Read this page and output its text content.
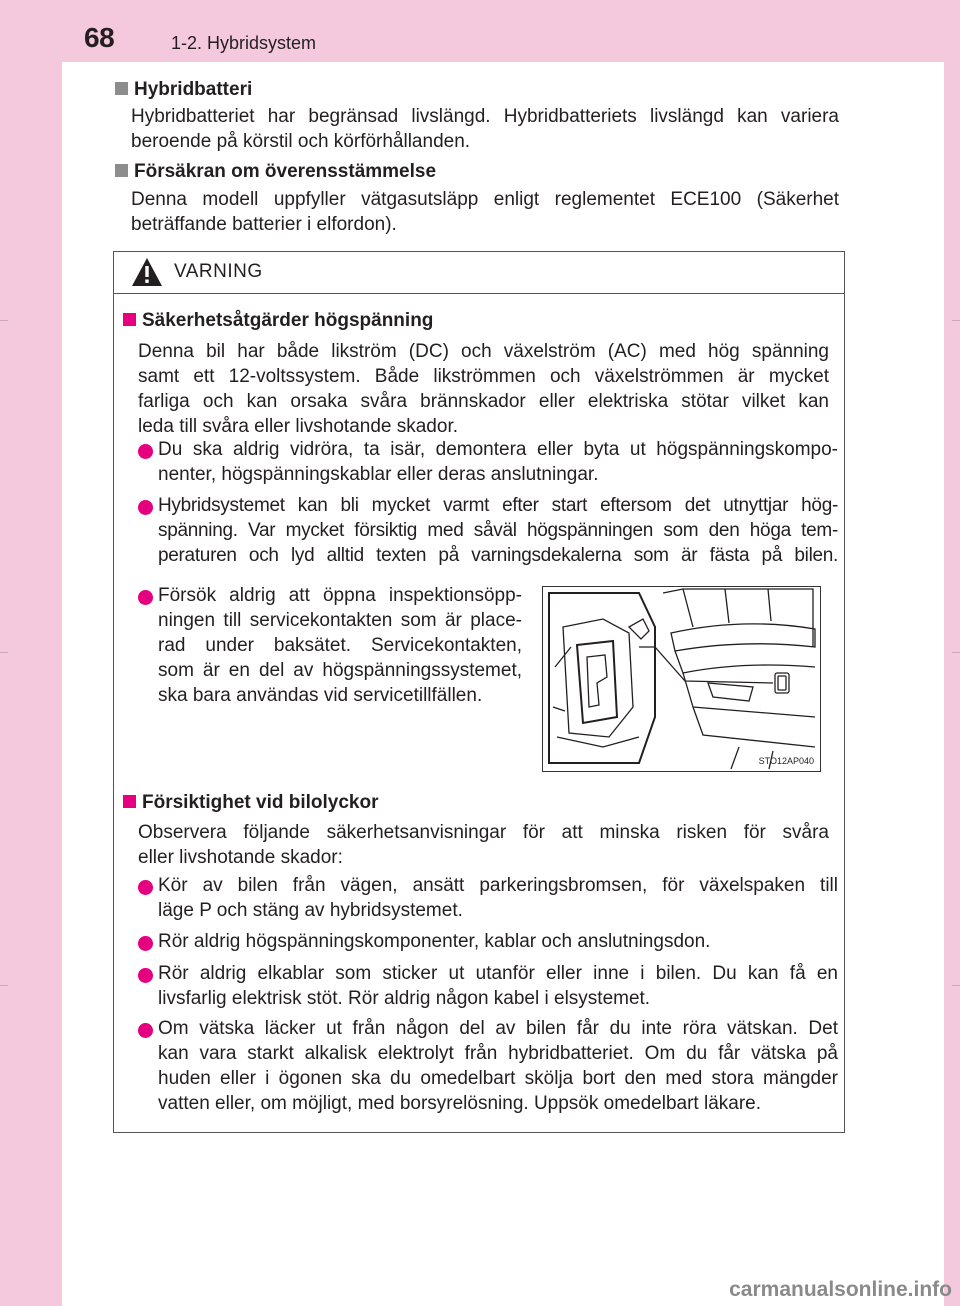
68	1-2. Hybridsystem
Hybridbatteri
Hybridbatteriet har begränsad livslängd. Hybridbatteriets livslängd kan variera
beroende på körstil och körförhållanden.
Försäkran om överensstämmelse
Denna modell uppfyller vätgasutsläpp enligt reglementet ECE100 (Säkerhet
beträffande batterier i elfordon).
VARNING
Säkerhetsåtgärder högspänning
Denna bil har både likström (DC) och växelström (AC) med hög spänning
samt ett 12-voltssystem. Både likströmmen och växelströmmen är mycket
farliga och kan orsaka svåra brännskador eller elektriska stötar vilket kan
leda till svåra eller livshotande skador.
Du ska aldrig vidröra, ta isär, demontera eller byta ut högspänningskompo-
nenter, högspänningskablar eller deras anslutningar.
Hybridsystemet kan bli mycket varmt efter start eftersom det utnyttjar hög-
spänning. Var mycket försiktig med såväl högspänningen som den höga tem-
peraturen och lyd alltid texten på varningsdekalerna som är fästa på bilen.
Försök aldrig att öppna inspektionsöpp-
ningen till servicekontakten som är place-
rad under baksätet. Servicekontakten,
som är en del av högspänningssystemet,
ska bara användas vid servicetillfällen.
STO12AP040
Försiktighet vid bilolyckor
Observera följande säkerhetsanvisningar för att minska risken för svåra
eller livshotande skador:
Kör av bilen från vägen, ansätt parkeringsbromsen, för växelspaken till
läge P och stäng av hybridsystemet.
Rör aldrig högspänningskomponenter, kablar och anslutningsdon.
Rör aldrig elkablar som sticker ut utanför eller inne i bilen. Du kan få en
livsfarlig elektrisk stöt. Rör aldrig någon kabel i elsystemet.
Om vätska läcker ut från någon del av bilen får du inte röra vätskan. Det
kan vara starkt alkalisk elektrolyt från hybridbatteriet. Om du får vätska på
huden eller i ögonen ska du omedelbart skölja bort den med stora mängder
vatten eller, om möjligt, med borsyrelösning. Uppsök omedelbart läkare.
carmanualsonline.info
